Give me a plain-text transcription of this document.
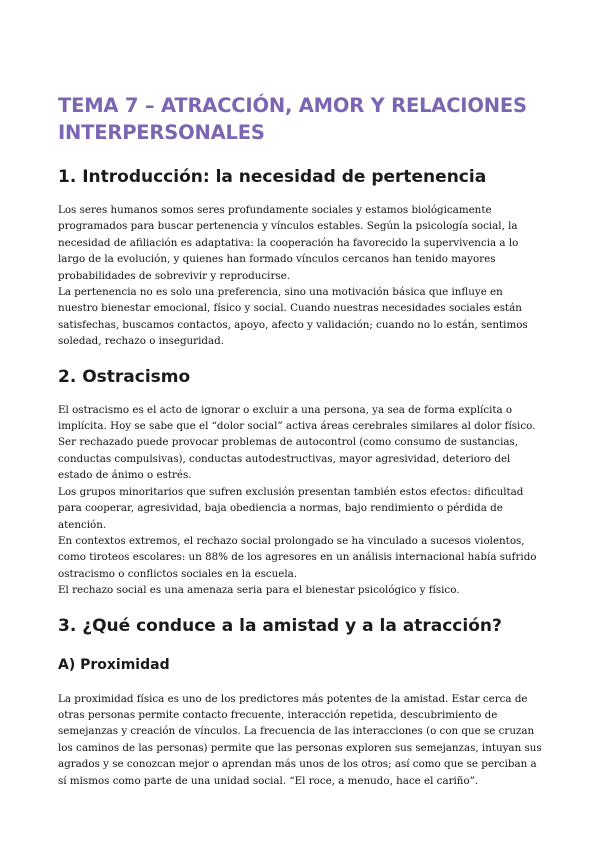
TEMA 7 – ATRACCIÓN, AMOR Y RELACIONES INTERPERSONALES
1. Introducción: la necesidad de pertenencia

Los seres humanos somos seres profundamente sociales y estamos biológicamente programados para buscar pertenencia y vínculos estables. Según la psicología social, la necesidad de afiliación es adaptativa: la cooperación ha favorecido la supervivencia a lo largo de la evolución, y quienes han formado vínculos cercanos han tenido mayores probabilidades de sobrevivir y reproducirse.

La pertenencia no es solo una preferencia, sino una motivación básica que influye en nuestro bienestar emocional, físico y social. Cuando nuestras necesidades sociales están satisfechas, buscamos contactos, apoyo, afecto y validación; cuando no lo están, sentimos soledad, rechazo o inseguridad.

2. Ostracismo

El ostracismo es el acto de ignorar o excluir a una persona, ya sea de forma explícita o implícita. Hoy se sabe que el “dolor social” activa áreas cerebrales similares al dolor físico. Ser rechazado puede provocar problemas de autocontrol (como consumo de sustancias, conductas compulsivas), conductas autodestructivas, mayor agresividad, deterioro del estado de ánimo o estrés.

Los grupos minoritarios que sufren exclusión presentan también estos efectos: dificultad para cooperar, agresividad, baja obediencia a normas, bajo rendimiento o pérdida de atención.

En contextos extremos, el rechazo social prolongado se ha vinculado a sucesos violentos, como tiroteos escolares: un 88% de los agresores en un análisis internacional había sufrido ostracismo o conflictos sociales en la escuela.

El rechazo social es una amenaza seria para el bienestar psicológico y físico.

3. ¿Qué conduce a la amistad y a la atracción?
A) Proximidad

La proximidad física es uno de los predictores más potentes de la amistad. Estar cerca de otras personas permite contacto frecuente, interacción repetida, descubrimiento de semejanzas y creación de vínculos. La frecuencia de las interacciones (o con que se cruzan los caminos de las personas) permite que las personas exploren sus semejanzas, intuyan sus agrados y se conozcan mejor o aprendan más unos de los otros; así como que se perciban a sí mismos como parte de una unidad social. “El roce, a menudo, hace el cariño”.
